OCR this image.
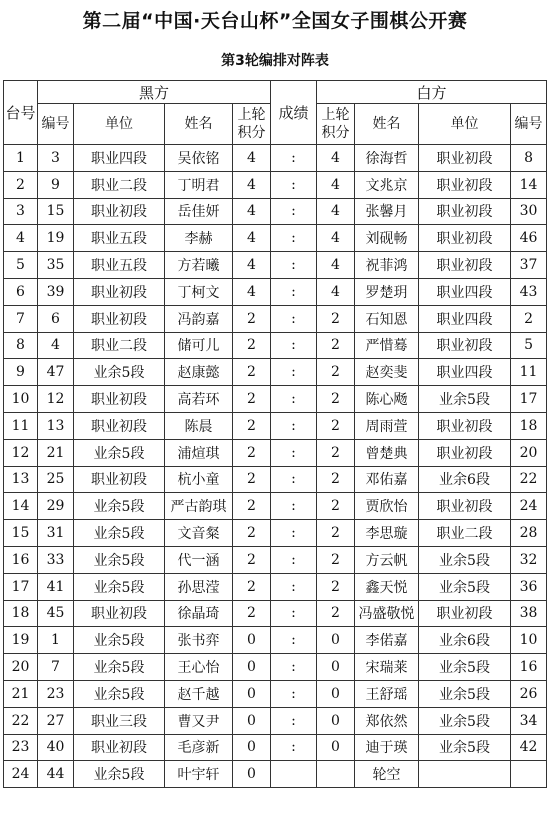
第二届“中国·天台山杯”全国女子围棋公开赛
第3轮编排对阵表
台号	黑方				成绩	白方			
	编号	单位	姓名	上轮积分		上轮积分	姓名	单位	编号
1	3	职业四段	吴依铭	4	:	4	徐海哲	职业初段	8
2	9	职业二段	丁明君	4	:	4	文兆京	职业初段	14
3	15	职业初段	岳佳妍	4	:	4	张馨月	职业初段	30
4	19	职业五段	李赫	4	:	4	刘砚畅	职业初段	46
5	35	职业五段	方若曦	4	:	4	祝菲鸿	职业初段	37
6	39	职业初段	丁柯文	4	:	4	罗楚玥	职业四段	43
7	6	职业初段	冯韵嘉	2	:	2	石知恩	职业四段	2
8	4	职业二段	储可儿	2	:	2	严惜蓦	职业初段	5
9	47	业余5段	赵康懿	2	:	2	赵奕斐	职业四段	11
10	12	职业初段	高若环	2	:	2	陈心飏	业余5段	17
11	13	职业初段	陈晨	2	:	2	周雨萱	职业初段	18
12	21	业余5段	浦煊琪	2	:	2	曾楚典	职业初段	20
13	25	职业初段	杭小童	2	:	2	邓佑嘉	业余6段	22
14	29	业余5段	严古韵琪	2	:	2	贾欣怡	职业初段	24
15	31	业余5段	文音粲	2	:	2	李思璇	职业二段	28
16	33	业余5段	代一涵	2	:	2	方云帆	业余5段	32
17	41	业余5段	孙思滢	2	:	2	鑫天悦	业余5段	36
18	45	职业初段	徐晶琦	2	:	2	冯盛敬悦	职业初段	38
19	1	业余5段	张书弈	0	:	0	李偌嘉	业余6段	10
20	7	业余5段	王心怡	0	:	0	宋瑞莱	业余5段	16
21	23	业余5段	赵千越	0	:	0	王舒瑶	业余5段	26
22	27	职业三段	曹又尹	0	:	0	郑依然	业余5段	34
23	40	职业初段	毛彦新	0	:	0	迪于瑛	业余5段	42
24	44	业余5段	叶宇轩	0			轮空		
